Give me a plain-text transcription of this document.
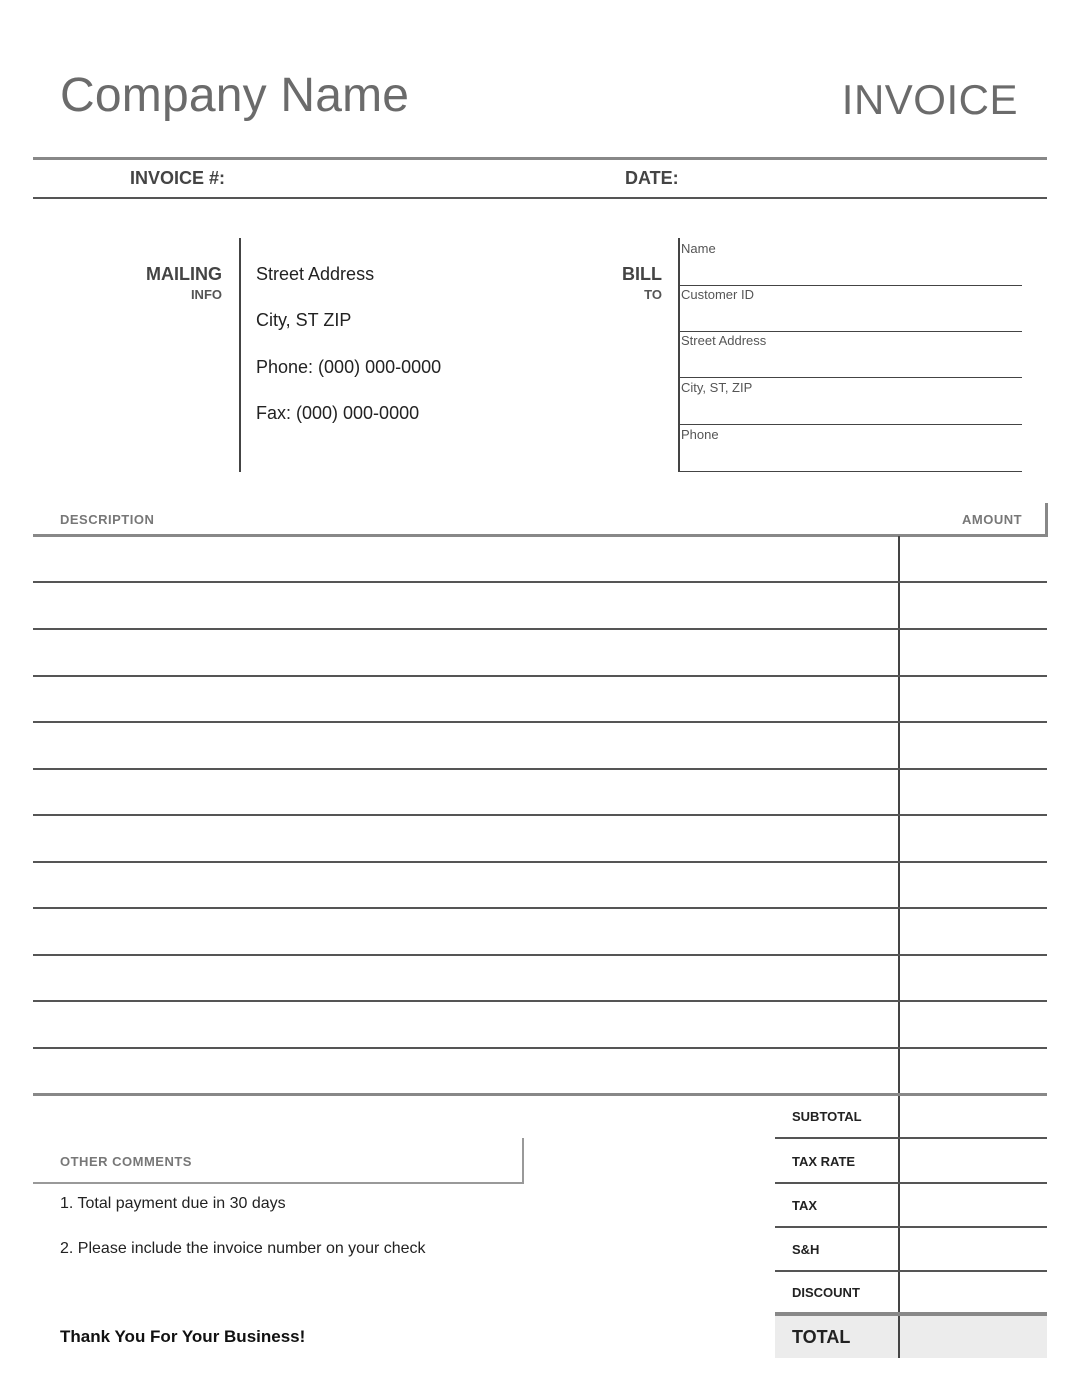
Company Name	INVOICE
INVOICE #:	DATE:
MAILING
INFO
Street Address
City, ST ZIP
Phone: (000) 000-0000
Fax: (000) 000-0000
BILL
TO
Name
Customer ID
Street Address
City, ST, ZIP
Phone
DESCRIPTION	AMOUNT
OTHER COMMENTS
1. Total payment due in 30 days
2. Please include the invoice number on your check
Thank You For Your Business!
SUBTOTAL
TAX RATE
TAX
S&H
DISCOUNT
TOTAL
